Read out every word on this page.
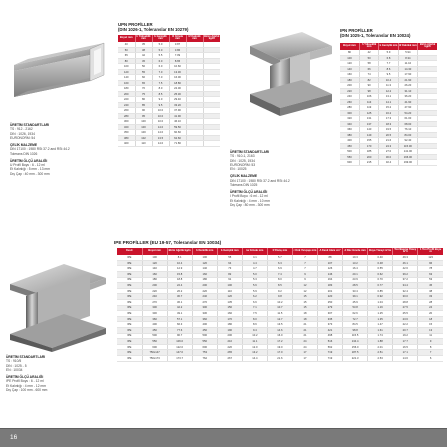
UPN PROFİLLER
(DIN 1026-1, Toleranslar EN 10279)
Boyut mm	h Yükseklik mm	b Genişlik mm	t1 Gövde mm	t2 Kalınlık mm	Birim Ağırlık kg/m
40	35	5.0	3.87		
50	38	5.0	3.86		
65	42	5.5	7.09		
80	45	6.0	8.65		
100	50	6.0	10.60		
120	55	7.0	13.30		
140	60	7.0	16.00		
160	65	7.5	18.80		
180	70	8.0	22.00		
200	75	8.5	25.30		
220	80	9.0	29.40		
240	85	9.5	33.20		
260	90	10.0	37.90		
280	95	10.0	41.90		
300	100	10.0	46.10		
320	100	14.0	59.50		
350	100	14.0	60.60		
380	102	13.5	62.60		
400	110	14.0	71.80		
ÜRETİM STANDARTLARI
TS : 912 - 2162
DIN : 1026, 1934
EURONORM: 54
ÇELİK MALZEME
DIN 17100 : 1980 RSt 37.2 and RSt 44.2
Tolerans DIN 1026
ÜRETİM ÖLÇÜ ARALIĞI
U Profil Boyu : 6 - 12 ml
Et Kalınlığı : 5 mm - 13 mm
Dış Çap : 40 mm - 300 mm
IPN PROFİLLER
(DIN 1025-1, Toleranslar EN 10024)
Boyut mm	h Yükseklik mm	b Genişlik mm	t2 Kalınlık mm	Birim Ağırlık kg/m
80	42	5.9	5.94	
100	50	6.8	8.34	
120	58	7.7	11.10	
140	66	8.6	14.30	
160	74	9.5	17.90	
180	82	10.4	21.90	
200	90	11.3	26.20	
220	98	12.2	31.10	
240	106	13.1	36.20	
260	113	14.1	41.90	
280	119	15.2	47.90	
300	125	16.2	54.20	
320	131	17.3	61.00	
340	137	18.3	68.00	
360	143	19.5	76.10	
380	149	20.5	84.00	
400	155	21.6	92.40	
450	170	24.3	115.00	
500	185	27.0	141.00	
550	200	30.0	166.00	
600	215	32.4	199.00	
ÜRETİM STANDARTLARI
TS : 910-1, 2163
DIN : 1025, 1934
EURONORM: 53
EN : 10025
ÇELİK MALZEME
DIN 17100 : 1980 RSt 37.2 and RSt 44.2
Tolerans DIN 1025
ÜRETİM ÖLÇÜ ARALIĞI
I Profil Boyu : 6 ml - 12 ml
Et Kalınlığı : 4 mm - 10 mm
Dış Çap : 80 mm - 300 mm
IPE PROFİLLER (EU 19-57, Toleranslar EN 10034)
Kesit	Boyut mm	Birim Ağırlık kg/m	h Derinlik mm	b Genişlik mm	tw Gövde mm	tf Flanş mm	r Kök Yarıçapı mm	A Kesit Alanı cm²	d Düz Gövde mm	Boya Yüzeyi m²/m	Ton Başına Yüzey m²/t	1 Ton Profil Boyu m
IPE	100	8.1	100	55	4.1	5.7	7	88	10.3	0.40	49.3	123
IPE	120	10.4	120	64	4.4	6.3	7	107	13.2	0.48	46.1	96
IPE	140	12.9	140	73	4.7	6.9	7	126	16.4	0.55	42.6	78
IPE	160	15.8	160	82	5.0	7.4	9	146	20.1	0.62	39.2	63
IPE	180	18.8	180	91	5.3	8.0	9	164	23.9	0.70	37.2	53
IPE	200	22.4	200	100	5.6	8.5	12	183	28.5	0.77	34.4	45
IPE	220	26.2	220	110	5.9	9.2	12	201	33.4	0.85	32.4	38
IPE	240	30.7	240	120	6.2	9.8	15	220	39.1	0.92	30.0	33
IPE	270	36.1	270	135	6.6	10.2	15	250	45.9	1.04	28.8	28
IPE	300	42.2	300	150	7.1	10.7	15	279	53.8	1.16	27.5	24
IPE	330	49.1	330	160	7.5	11.5	18	307	62.6	1.25	25.5	20
IPE	360	57.1	360	170	8.0	12.7	18	335	72.7	1.35	23.6	18
IPE	400	66.3	400	180	8.6	13.5	21	373	84.5	1.47	22.2	15
IPE	450	77.6	450	190	9.4	14.6	21	421	98.8	1.61	20.7	13
IPE	500	90.7	500	200	10.2	16.0	21	468	115.5	1.74	19.2	11
IPE	550	106.0	550	210	11.1	17.2	24	516	134.4	1.88	17.7	9
IPE	600	122.0	600	220	12.0	19.0	24	562	156.0	2.01	16.5	8
IPE	750x147	147.0	753	265	13.2	17.0	17	719	187.5	2.51	17.1	7
IPE	750x173	173.7	762	267	14.4	21.6	17	719	221.3	2.53	14.6	6
ÜRETİM STANDARTLARI
TS : 910/5
DIN : 1025 - 5
EN : 10034
ÜRETİM ÖLÇÜ ARALIĞI
IPE Profil Boyu : 6 - 12 ml
Et Kalınlığı : 4 mm - 12 mm
Dış Çap : 100 mm - 600 mm
16
